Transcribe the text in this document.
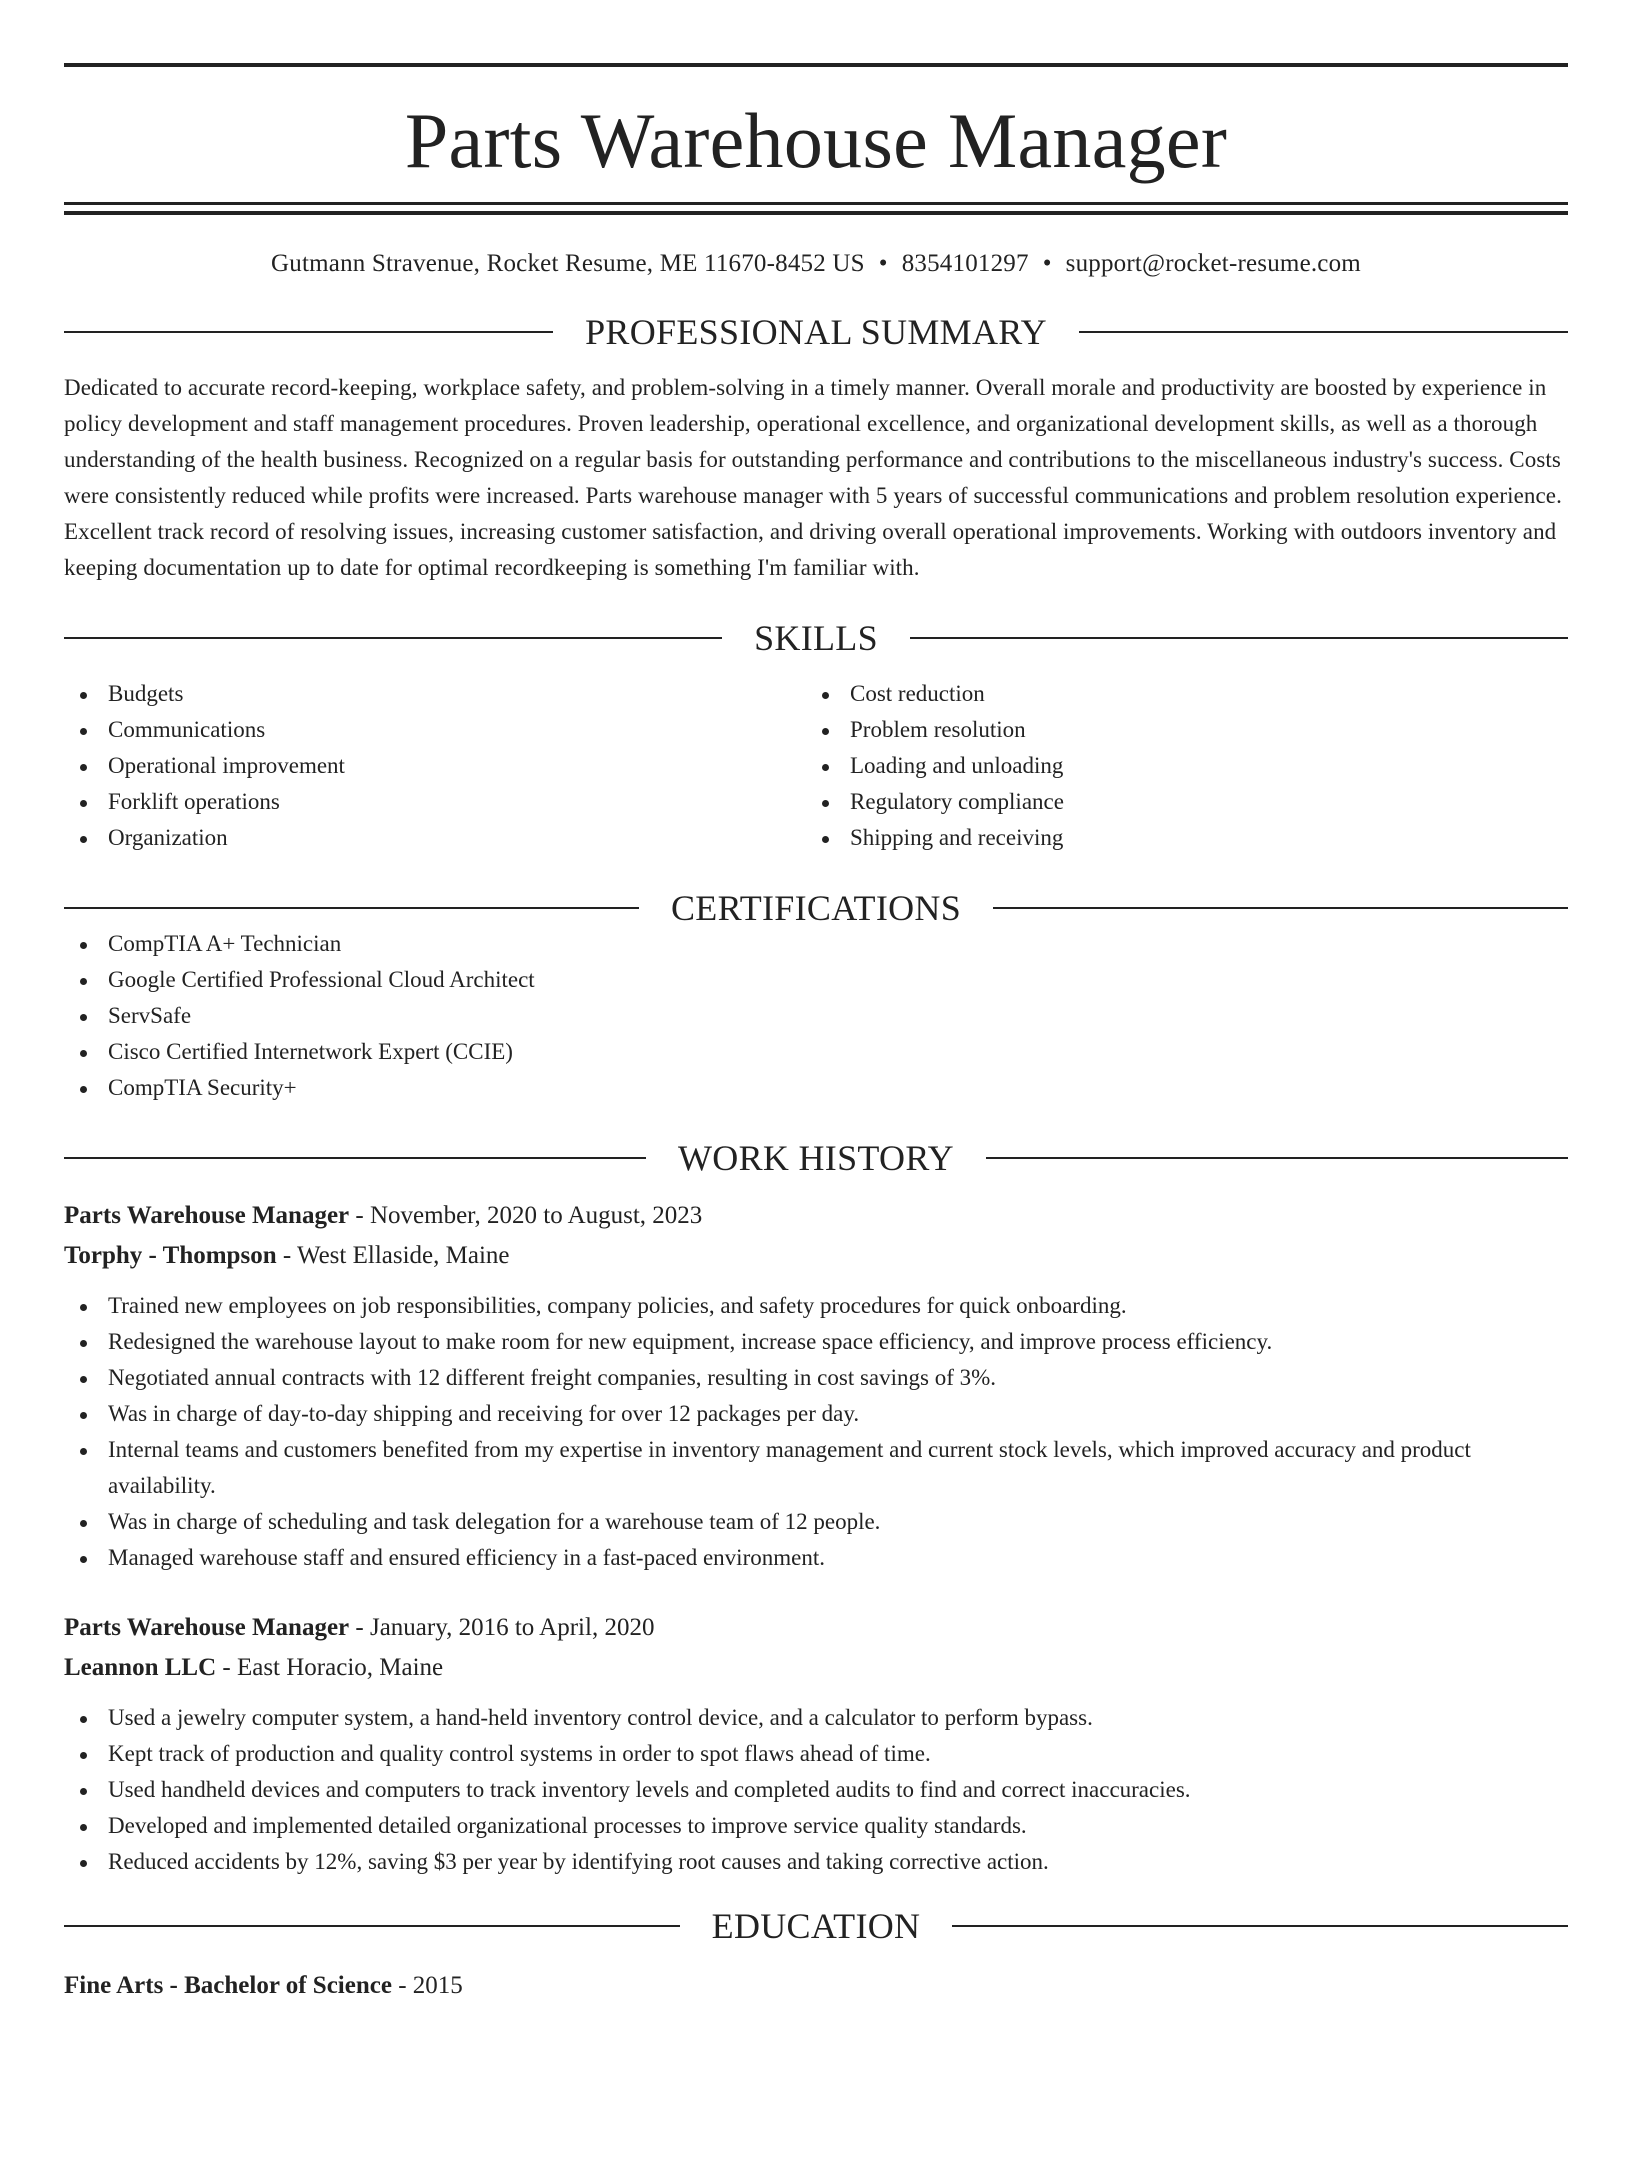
Parts Warehouse Manager
Gutmann Stravenue, Rocket Resume, ME 11670-8452 US • 8354101297 • support@rocket-resume.com
PROFESSIONAL SUMMARY

Dedicated to accurate record-keeping, workplace safety, and problem-solving in a timely manner. Overall morale and productivity are boosted by experience in policy development and staff management procedures. Proven leadership, operational excellence, and organizational development skills, as well as a thorough understanding of the health business. Recognized on a regular basis for outstanding performance and contributions to the miscellaneous industry's success. Costs were consistently reduced while profits were increased. Parts warehouse manager with 5 years of successful communications and problem resolution experience. Excellent track record of resolving issues, increasing customer satisfaction, and driving overall operational improvements. Working with outdoors inventory and keeping documentation up to date for optimal recordkeeping is something I'm familiar with.

SKILLS
Budgets
Communications
Operational improvement
Forklift operations
Organization
Cost reduction
Problem resolution
Loading and unloading
Regulatory compliance
Shipping and receiving
CERTIFICATIONS
CompTIA A+ Technician
Google Certified Professional Cloud Architect
ServSafe
Cisco Certified Internetwork Expert (CCIE)
CompTIA Security+
WORK HISTORY
Parts Warehouse Manager - November, 2020 to August, 2023
Torphy - Thompson - West Ellaside, Maine
Trained new employees on job responsibilities, company policies, and safety procedures for quick onboarding.
Redesigned the warehouse layout to make room for new equipment, increase space efficiency, and improve process efficiency.
Negotiated annual contracts with 12 different freight companies, resulting in cost savings of 3%.
Was in charge of day-to-day shipping and receiving for over 12 packages per day.
Internal teams and customers benefited from my expertise in inventory management and current stock levels, which improved accuracy and product availability.
Was in charge of scheduling and task delegation for a warehouse team of 12 people.
Managed warehouse staff and ensured efficiency in a fast-paced environment.
Parts Warehouse Manager - January, 2016 to April, 2020
Leannon LLC - East Horacio, Maine
Used a jewelry computer system, a hand-held inventory control device, and a calculator to perform bypass.
Kept track of production and quality control systems in order to spot flaws ahead of time.
Used handheld devices and computers to track inventory levels and completed audits to find and correct inaccuracies.
Developed and implemented detailed organizational processes to improve service quality standards.
Reduced accidents by 12%, saving $3 per year by identifying root causes and taking corrective action.
EDUCATION
Fine Arts - Bachelor of Science - 2015
